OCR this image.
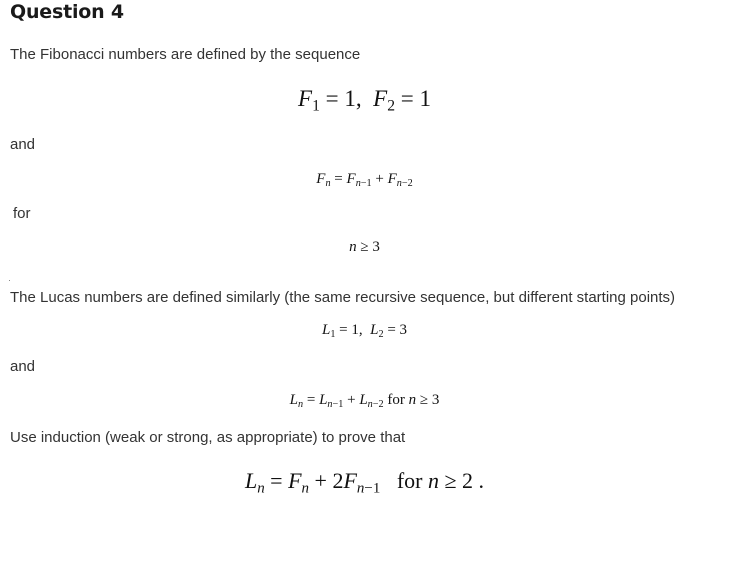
Question 4
The Fibonacci numbers are defined by the sequence
$F_1 = 1$,  $F_2 = 1$
and
$F_n = F_{n-1} + F_{n-2}$
for
n ≥ 3
The Lucas numbers are defined similarly (the same recursive sequence, but different starting points)
$L_1 = 1$,  $L_2 = 3$
and
$L_n = L_{n-1} + L_{n-2}$ for n ≥ 3
Use induction (weak or strong, as appropriate) to prove that
$L_n = F_n + 2F_{n-1}$   for n ≥ 2 .
